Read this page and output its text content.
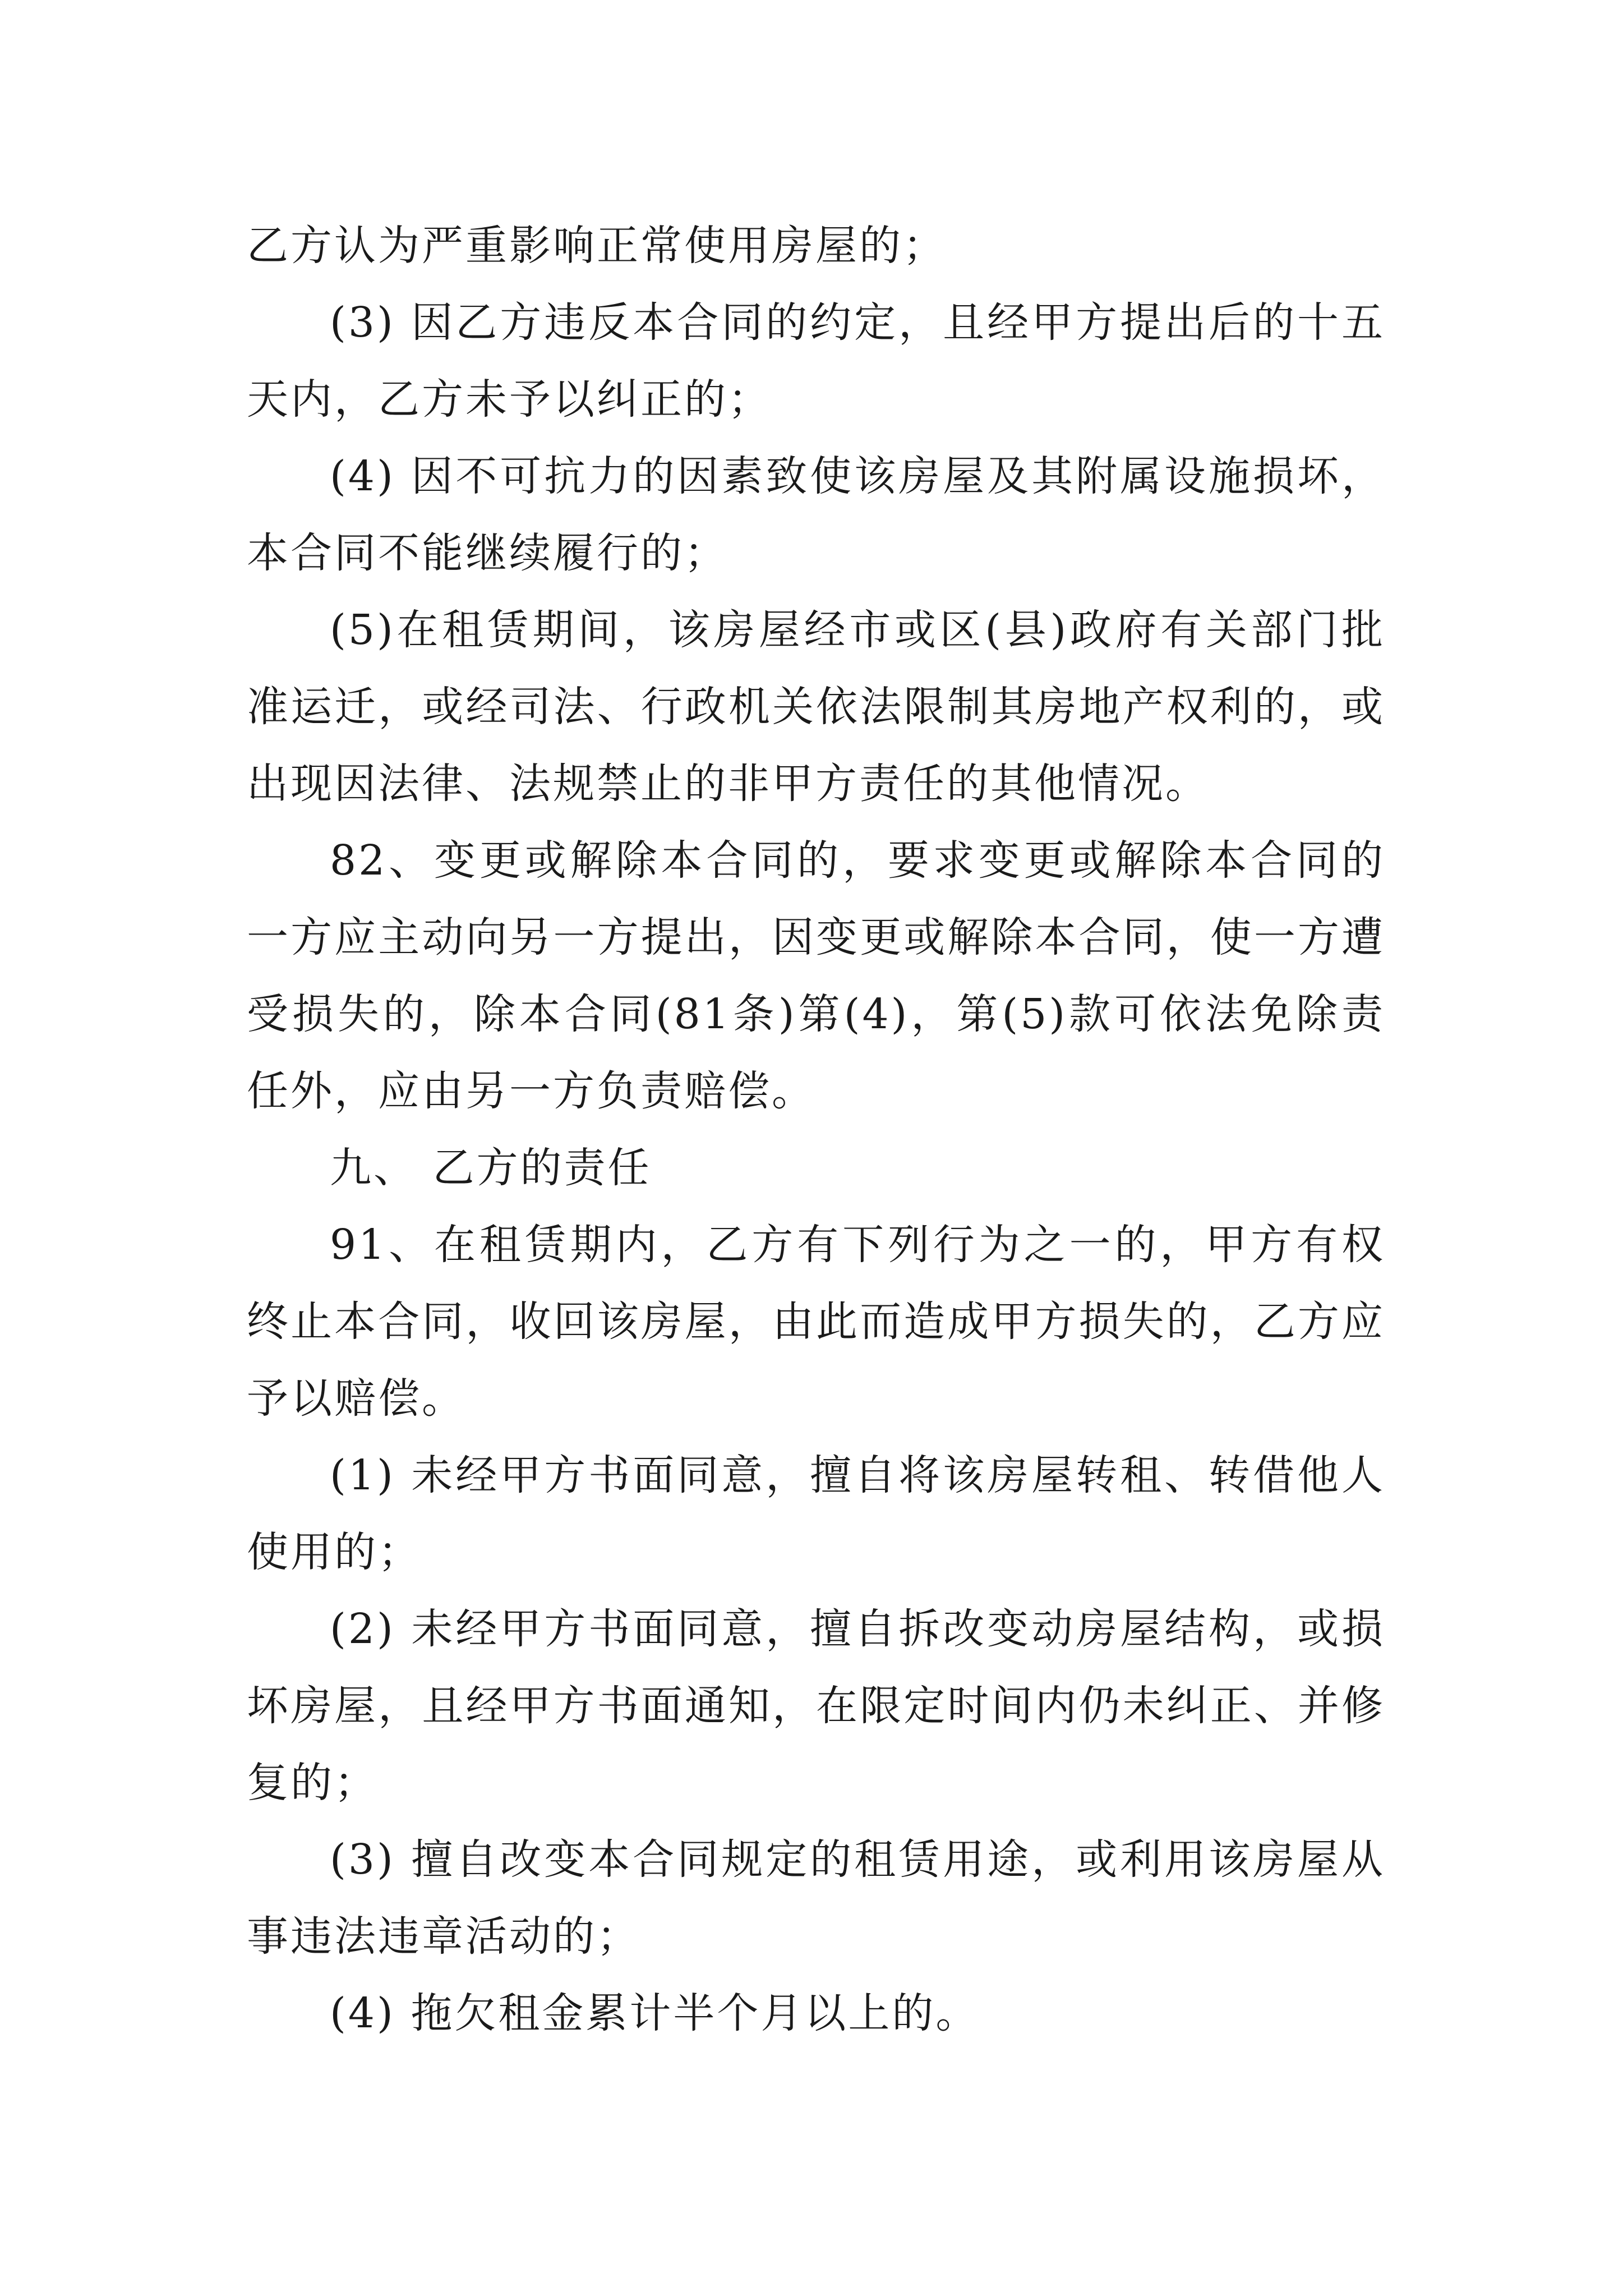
乙方认为严重影响正常使用房屋的；

(3) 因乙方违反本合同的约定，且经甲方提出后的十五天内，乙方未予以纠正的；

(4) 因不可抗力的因素致使该房屋及其附属设施损坏，本合同不能继续履行的；

(5)在租赁期间，该房屋经市或区(县)政府有关部门批准运迁，或经司法、行政机关依法限制其房地产权利的，或出现因法律、法规禁止的非甲方责任的其他情况。

82、变更或解除本合同的，要求变更或解除本合同的一方应主动向另一方提出，因变更或解除本合同，使一方遭受损失的，除本合同(81条)第(4)，第(5)款可依法免除责任外，应由另一方负责赔偿。

九、 乙方的责任

91、在租赁期内，乙方有下列行为之一的，甲方有权终止本合同，收回该房屋，由此而造成甲方损失的，乙方应予以赔偿。

(1) 未经甲方书面同意，擅自将该房屋转租、转借他人使用的；

(2) 未经甲方书面同意，擅自拆改变动房屋结构，或损坏房屋，且经甲方书面通知，在限定时间内仍未纠正、并修复的；

(3) 擅自改变本合同规定的租赁用途，或利用该房屋从事违法违章活动的；

(4) 拖欠租金累计半个月以上的。
